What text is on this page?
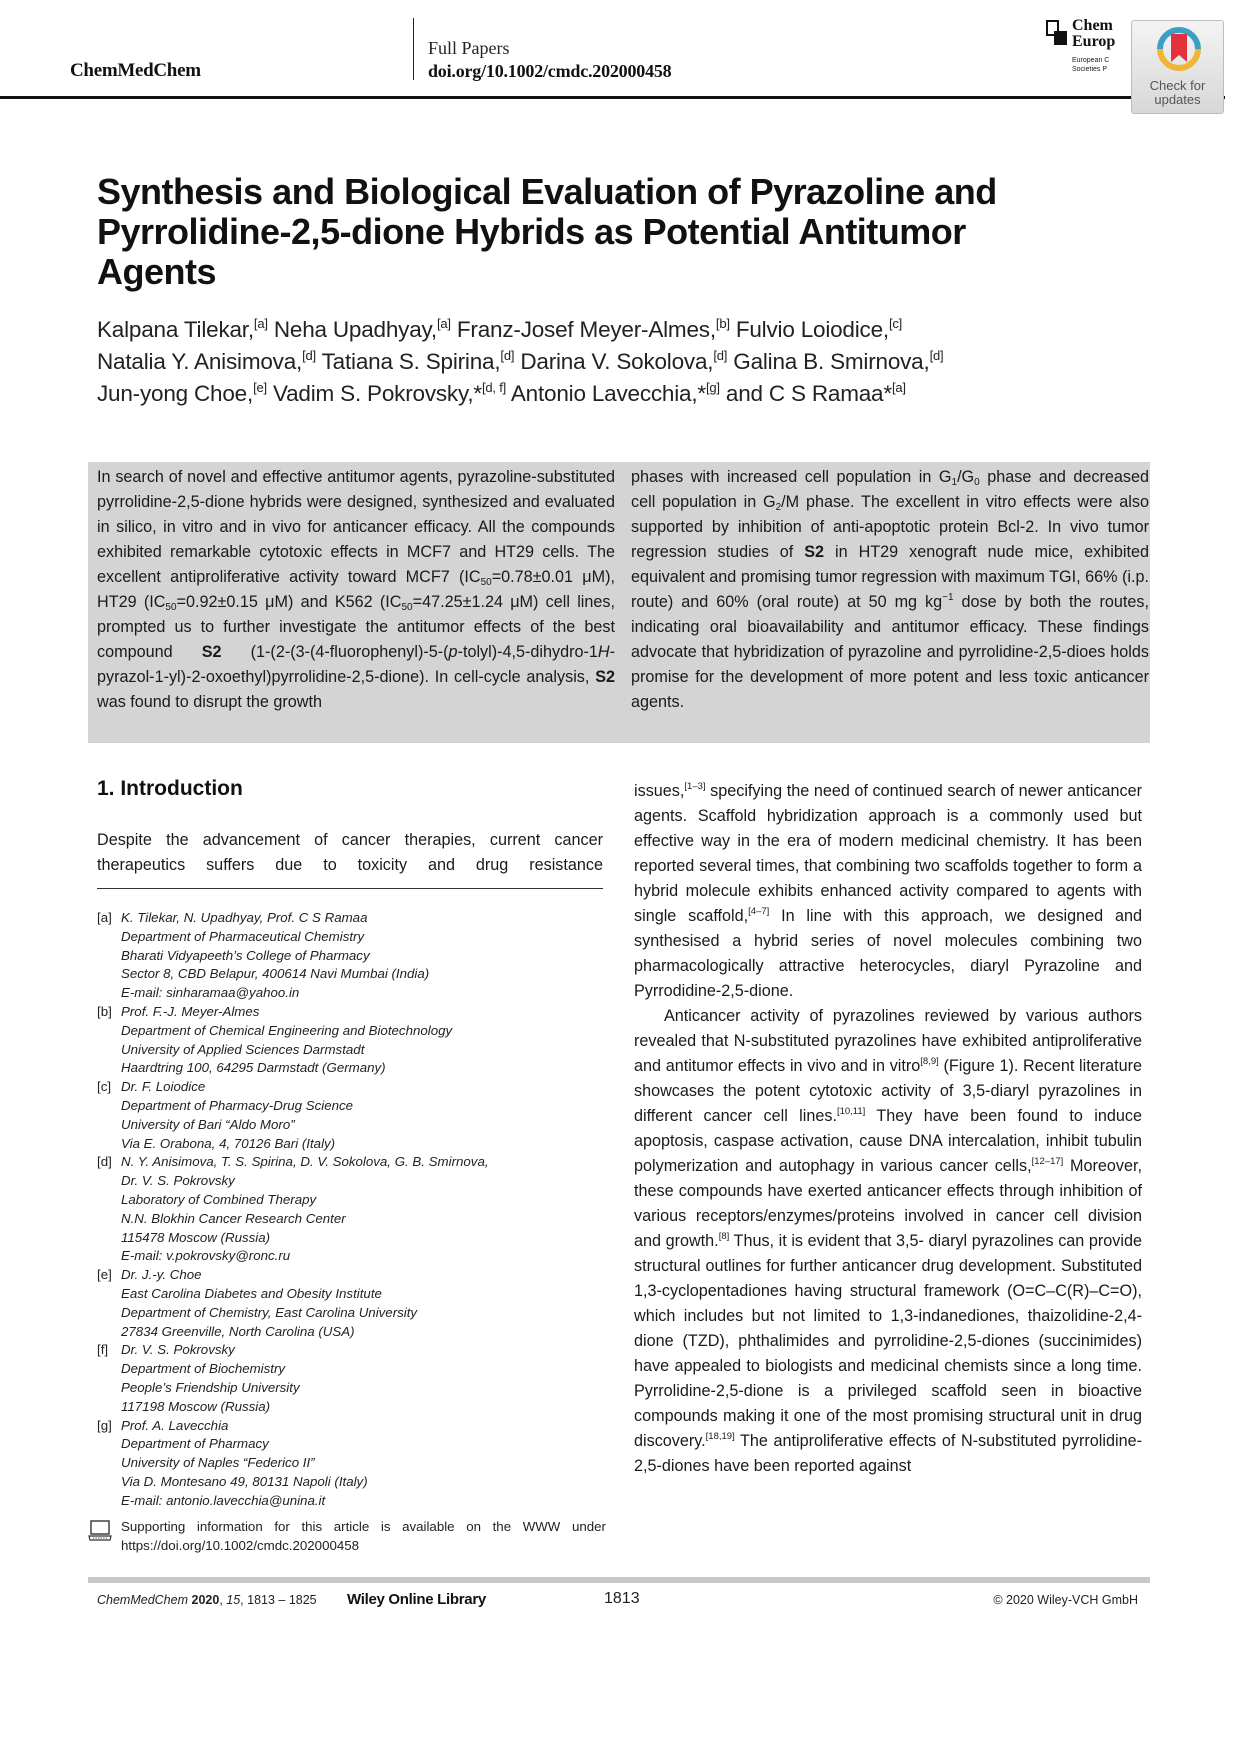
ChemMedChem
Full Papers
doi.org/10.1002/cmdc.202000458
Chem
Europ
European C
Societies P
Check for
updates
Synthesis and Biological Evaluation of Pyrazoline and Pyrrolidine-2,5-dione Hybrids as Potential Antitumor Agents
Kalpana Tilekar,[a] Neha Upadhyay,[a] Franz-Josef Meyer-Almes,[b] Fulvio Loiodice,[c]
Natalia Y. Anisimova,[d] Tatiana S. Spirina,[d] Darina V. Sokolova,[d] Galina B. Smirnova,[d]
Jun-yong Choe,[e] Vadim S. Pokrovsky,*[d, f] Antonio Lavecchia,*[g] and C S Ramaa*[a]
In search of novel and effective antitumor agents, pyrazoline-substituted pyrrolidine-2,5-dione hybrids were designed, synthesized and evaluated in silico, in vitro and in vivo for anticancer efficacy. All the compounds exhibited remarkable cytotoxic effects in MCF7 and HT29 cells. The excellent antiproliferative activity toward MCF7 ($IC_{50}=0.78\pm 0.01$ μM), HT29 ($IC_{50}=0.92\pm 0.15$ μM) and K562 ($IC_{50}=47.25\pm 1.24$ μM) cell lines, prompted us to further investigate the antitumor effects of the best compound S2 (1-(2-(3-(4-fluorophenyl)-5-(p-tolyl)-4,5-dihydro-1H-pyrazol-1-yl)-2-oxoethyl)pyrrolidine-2,5-dione). In cell-cycle analysis, S2 was found to disrupt the growth
phases with increased cell population in $G_1/G_0$ phase and decreased cell population in $G_2/M$ phase. The excellent in vitro effects were also supported by inhibition of anti-apoptotic protein Bcl-2. In vivo tumor regression studies of S2 in HT29 xenograft nude mice, exhibited equivalent and promising tumor regression with maximum TGI, 66% (i.p. route) and 60% (oral route) at 50 mg $kg^{-1}$ dose by both the routes, indicating oral bioavailability and antitumor efficacy. These findings advocate that hybridization of pyrazoline and pyrrolidine-2,5-dioes holds promise for the development of more potent and less toxic anticancer agents.
1. Introduction
Despite the advancement of cancer therapies, current cancer therapeutics suffers due to toxicity and drug resistance
[a] K. Tilekar, N. Upadhyay, Prof. C S Ramaa
Department of Pharmaceutical Chemistry
Bharati Vidyapeeth’s College of Pharmacy
Sector 8, CBD Belapur, 400614 Navi Mumbai (India)
E-mail: sinharamaa@yahoo.in
[b] Prof. F.-J. Meyer-Almes
Department of Chemical Engineering and Biotechnology
University of Applied Sciences Darmstadt
Haardtring 100, 64295 Darmstadt (Germany)
[c] Dr. F. Loiodice
Department of Pharmacy-Drug Science
University of Bari “Aldo Moro”
Via E. Orabona, 4, 70126 Bari (Italy)
[d] N. Y. Anisimova, T. S. Spirina, D. V. Sokolova, G. B. Smirnova,
Dr. V. S. Pokrovsky
Laboratory of Combined Therapy
N.N. Blokhin Cancer Research Center
115478 Moscow (Russia)
E-mail: v.pokrovsky@ronc.ru
[e] Dr. J.-y. Choe
East Carolina Diabetes and Obesity Institute
Department of Chemistry, East Carolina University
27834 Greenville, North Carolina (USA)
[f] Dr. V. S. Pokrovsky
Department of Biochemistry
People’s Friendship University
117198 Moscow (Russia)
[g] Prof. A. Lavecchia
Department of Pharmacy
University of Naples “Federico II”
Via D. Montesano 49, 80131 Napoli (Italy)
E-mail: antonio.lavecchia@unina.it
Supporting information for this article is available on the WWW under https://doi.org/10.1002/cmdc.202000458

issues,[1–3] specifying the need of continued search of newer anticancer agents. Scaffold hybridization approach is a commonly used but effective way in the era of modern medicinal chemistry. It has been reported several times, that combining two scaffolds together to form a hybrid molecule exhibits enhanced activity compared to agents with single scaffold,[4–7] In line with this approach, we designed and synthesised a hybrid series of novel molecules combining two pharmacologically attractive heterocycles, diaryl Pyrazoline and Pyrrodidine-2,5-dione.

Anticancer activity of pyrazolines reviewed by various authors revealed that N-substituted pyrazolines have exhibited antiproliferative and antitumor effects in vivo and in vitro[8,9] (Figure 1). Recent literature showcases the potent cytotoxic activity of 3,5-diaryl pyrazolines in different cancer cell lines.[10,11] They have been found to induce apoptosis, caspase activation, cause DNA intercalation, inhibit tubulin polymerization and autophagy in various cancer cells,[12–17] Moreover, these compounds have exerted anticancer effects through inhibition of various receptors/enzymes/proteins involved in cancer cell division and growth.[8] Thus, it is evident that 3,5- diaryl pyrazolines can provide structural outlines for further anticancer drug development. Substituted 1,3-cyclopentadiones having structural framework (O=C–C(R)–C=O), which includes but not limited to 1,3-indanediones, thaizolidine-2,4-dione (TZD), phthalimides and pyrrolidine-2,5-diones (succinimides) have appealed to biologists and medicinal chemists since a long time. Pyrrolidine-2,5-dione is a privileged scaffold seen in bioactive compounds making it one of the most promising structural unit in drug discovery.[18,19] The antiproliferative effects of N-substituted pyrrolidine-2,5-diones have been reported against

ChemMedChem 2020, 15, 1813 – 1825 Wiley Online Library	1813	© 2020 Wiley-VCH GmbH
